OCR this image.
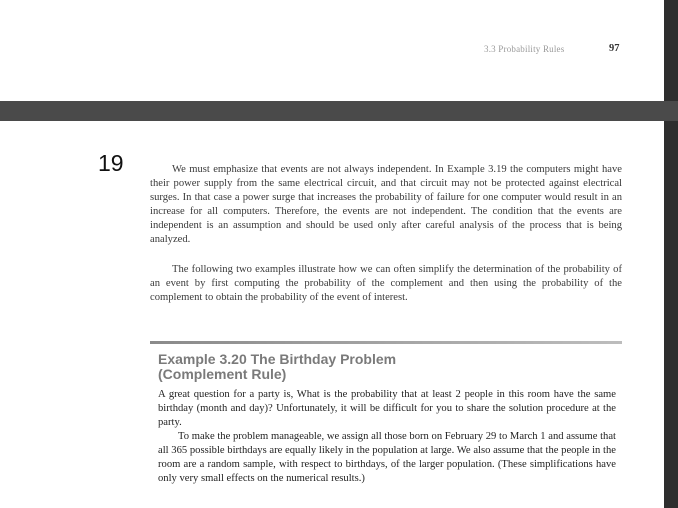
3.3 Probability Rules	97
19	We must emphasize that events are not always independent. In Example 3.19 the computers might have their power supply from the same electrical circuit, and that circuit may not be protected against electrical surges. In that case a power surge that increases the probability of failure for one computer would result in an increase for all computers. Therefore, the events are not independent. The condition that the events are independent is an assumption and should be used only after careful analysis of the process that is being analyzed.

The following two examples illustrate how we can often simplify the determination of the probability of an event by first computing the probability of the complement and then using the probability of the complement to obtain the probability of the event of interest.

Example 3.20 The Birthday Problem
(Complement Rule)

A great question for a party is, What is the probability that at least 2 people in this room have the same birthday (month and day)? Unfortunately, it will be difficult for you to share the solution procedure at the party.

To make the problem manageable, we assign all those born on February 29 to March 1 and assume that all 365 possible birthdays are equally likely in the population at large. We also assume that the people in the room are a random sample, with respect to birthdays, of the larger population. (These simplifications have only very small effects on the numerical results.)
